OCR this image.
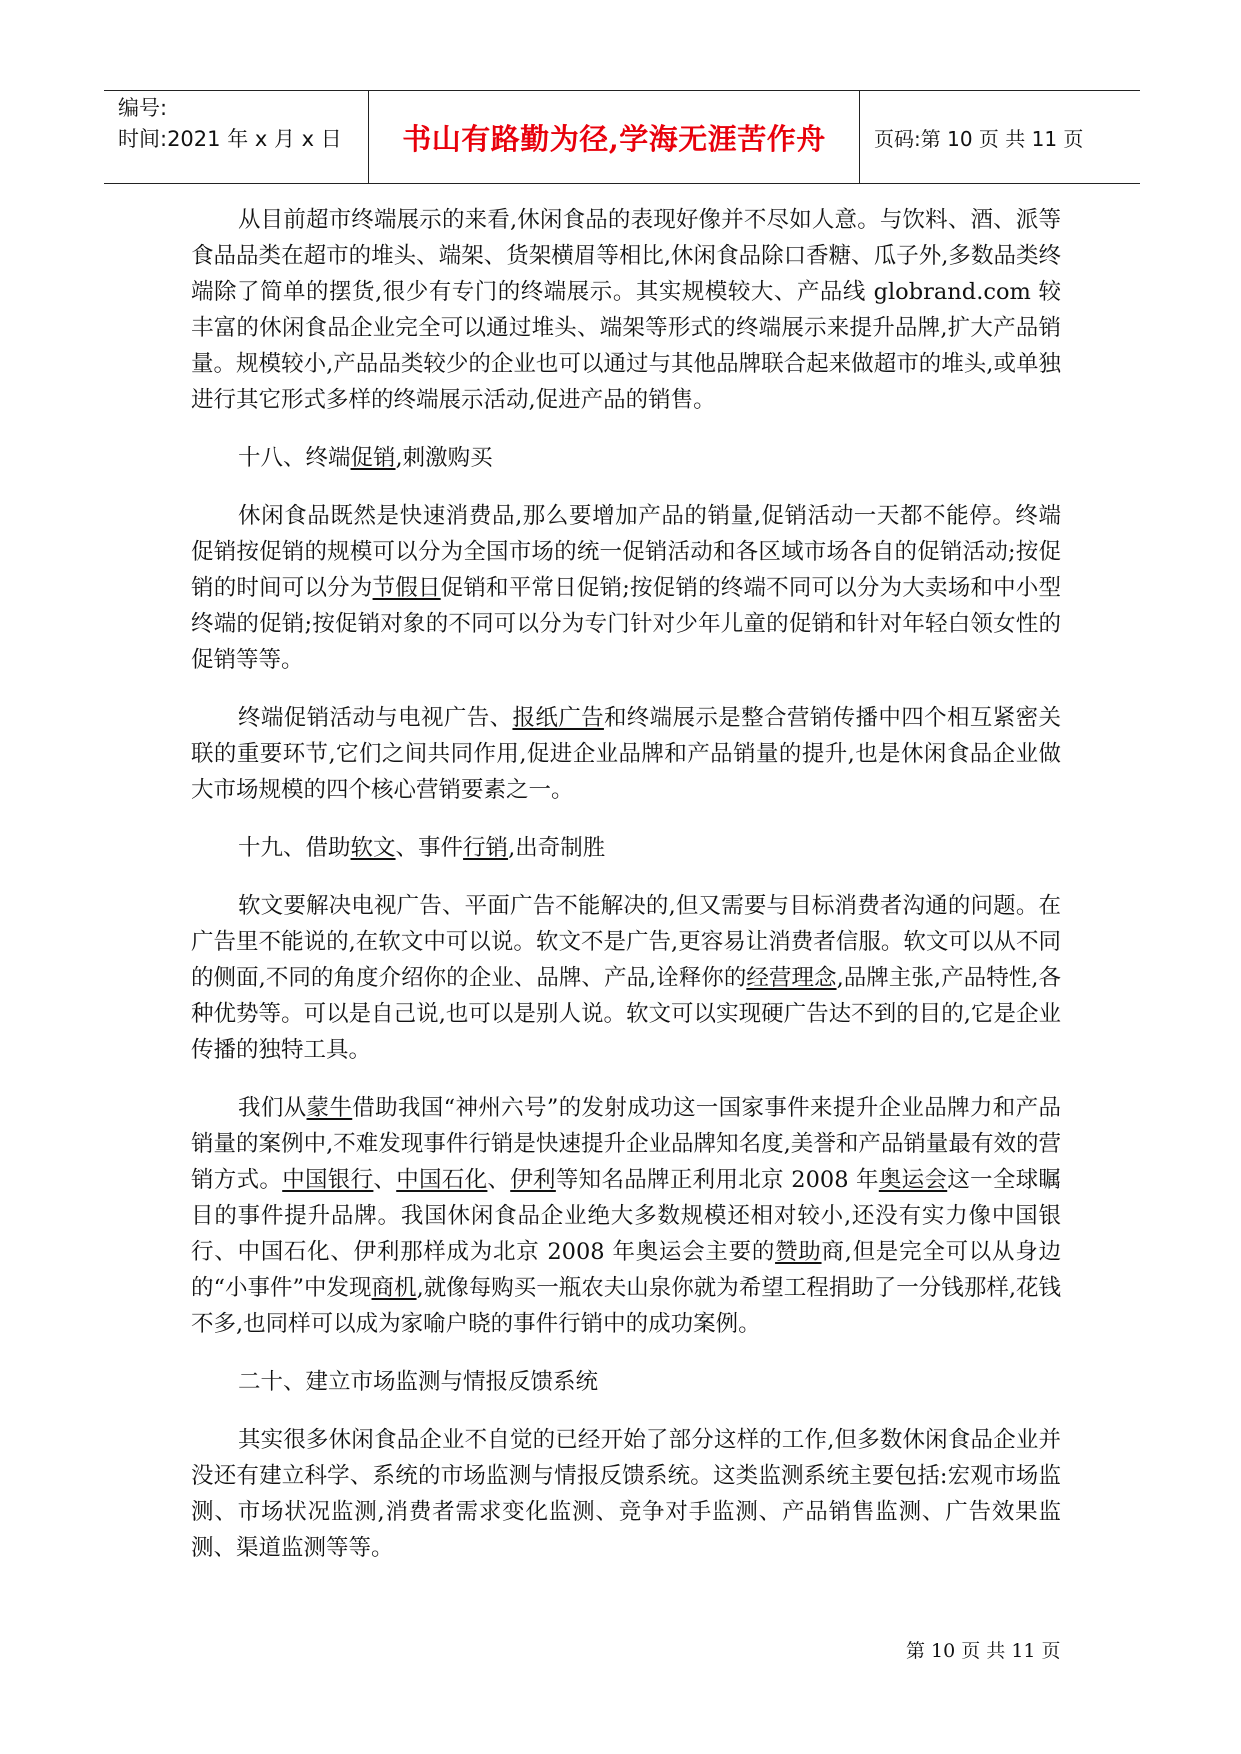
编号:
时间:2021 年 x 月 x 日	书山有路勤为径,学海无涯苦作舟	页码:第 10 页 共 11 页

从目前超市终端展示的来看,休闲食品的表现好像并不尽如人意。与饮料、酒、派等食品品类在超市的堆头、端架、货架横眉等相比,休闲食品除口香糖、瓜子外,多数品类终端除了简单的摆货,很少有专门的终端展示。其实规模较大、产品线 globrand.com 较丰富的休闲食品企业完全可以通过堆头、端架等形式的终端展示来提升品牌,扩大产品销量。规模较小,产品品类较少的企业也可以通过与其他品牌联合起来做超市的堆头,或单独进行其它形式多样的终端展示活动,促进产品的销售。

十八、终端促销,刺激购买

休闲食品既然是快速消费品,那么要增加产品的销量,促销活动一天都不能停。终端促销按促销的规模可以分为全国市场的统一促销活动和各区域市场各自的促销活动;按促销的时间可以分为节假日促销和平常日促销;按促销的终端不同可以分为大卖场和中小型终端的促销;按促销对象的不同可以分为专门针对少年儿童的促销和针对年轻白领女性的促销等等。

终端促销活动与电视广告、报纸广告和终端展示是整合营销传播中四个相互紧密关联的重要环节,它们之间共同作用,促进企业品牌和产品销量的提升,也是休闲食品企业做大市场规模的四个核心营销要素之一。

十九、借助软文、事件行销,出奇制胜

软文要解决电视广告、平面广告不能解决的,但又需要与目标消费者沟通的问题。在广告里不能说的,在软文中可以说。软文不是广告,更容易让消费者信服。软文可以从不同的侧面,不同的角度介绍你的企业、品牌、产品,诠释你的经营理念,品牌主张,产品特性,各种优势等。可以是自己说,也可以是别人说。软文可以实现硬广告达不到的目的,它是企业传播的独特工具。

我们从蒙牛借助我国“神州六号”的发射成功这一国家事件来提升企业品牌力和产品销量的案例中,不难发现事件行销是快速提升企业品牌知名度,美誉和产品销量最有效的营销方式。中国银行、中国石化、伊利等知名品牌正利用北京 2008 年奥运会这一全球瞩目的事件提升品牌。我国休闲食品企业绝大多数规模还相对较小,还没有实力像中国银行、中国石化、伊利那样成为北京 2008 年奥运会主要的赞助商,但是完全可以从身边的“小事件”中发现商机,就像每购买一瓶农夫山泉你就为希望工程捐助了一分钱那样,花钱不多,也同样可以成为家喻户晓的事件行销中的成功案例。

二十、建立市场监测与情报反馈系统

其实很多休闲食品企业不自觉的已经开始了部分这样的工作,但多数休闲食品企业并没还有建立科学、系统的市场监测与情报反馈系统。这类监测系统主要包括:宏观市场监测、市场状况监测,消费者需求变化监测、竞争对手监测、产品销售监测、广告效果监测、渠道监测等等。

第 10 页 共 11 页
